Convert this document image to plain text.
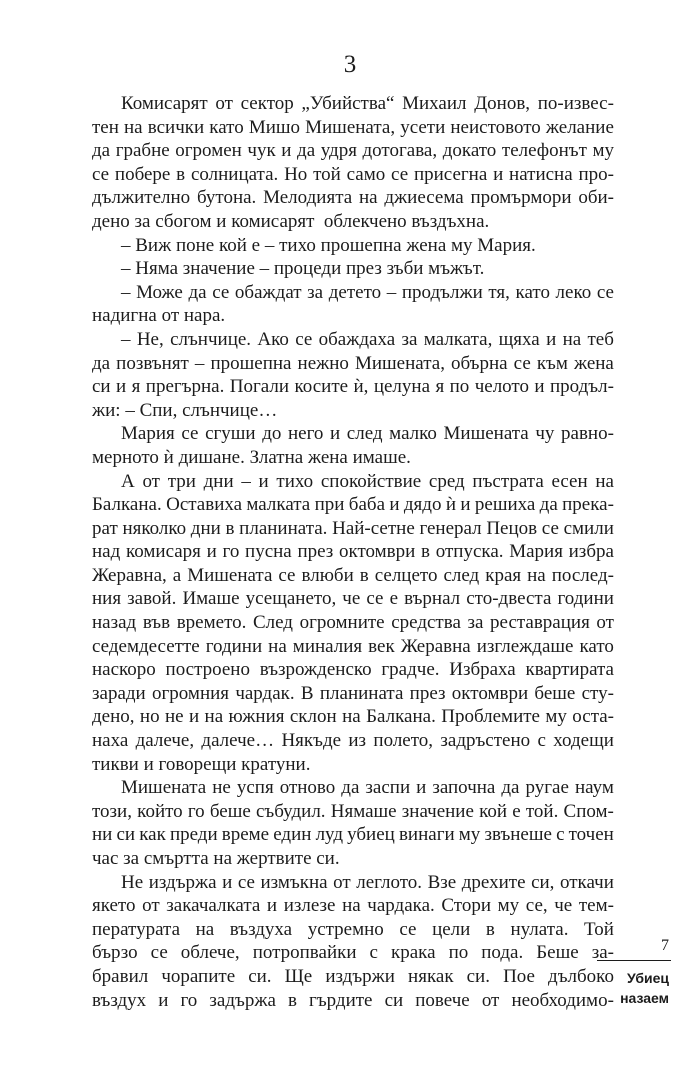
3
Комисарят от сектор „Убийства“ Михаил Донов, по-извес-
тен на всички като Мишо Мишената, усети неистовото желание
да грабне огромен чук и да удря дотогава, докато телефонът му
се побере в солницата. Но той само се присегна и натисна про-
дължително бутона. Мелодията на джиесема промърмори оби-
дено за сбогом и комисарят  облекчено въздъхна.
– Виж поне кой е – тихо прошепна жена му Мария.
– Няма значение – процеди през зъби мъжът.
– Може да се обаждат за детето – продължи тя, като леко се
надигна от нара.
– Не, слънчице. Ако се обаждаха за малката, щяха и на теб
да позвънят – прошепна нежно Мишената, обърна се към жена
си и я прегърна. Погали косите ѝ, целуна я по челото и продъл-
жи: – Спи, слънчице…
Мария се сгуши до него и след малко Мишената чу равно-
мерното ѝ дишане. Златна жена имаше.
А от три дни – и тихо спокойствие сред пъстрата есен на
Балкана. Оставиха малката при баба и дядо ѝ и решиха да прека-
рат няколко дни в планината. Най-сетне генерал Пецов се смили
над комисаря и го пусна през октомври в отпуска. Мария избра
Жеравна, а Мишената се влюби в селцето след края на послед-
ния завой. Имаше усещането, че се е върнал сто-двеста години
назад във времето. След огромните средства за реставрация от
седемдесетте години на миналия век Жеравна изглеждаше като
наскоро построено възрожденско градче. Избраха квартирата
заради огромния чардак. В планината през октомври беше сту-
дено, но не и на южния склон на Балкана. Проблемите му оста-
наха далече, далече… Някъде из полето, задръстено с ходещи
тикви и говорещи кратуни.
Мишената не успя отново да заспи и започна да ругае наум
този, който го беше събудил. Нямаше значение кой е той. Спом-
ни си как преди време един луд убиец винаги му звънеше с точен
час за смъртта на жертвите си.
Не издържа и се измъкна от леглото. Взе дрехите си, откачи
якето от закачалката и излезе на чардака. Стори му се, че тем-
пературата на въздуха устремно се цели в нулата. Той
бързо се облече, потропвайки с крака по пода. Беше за-
бравил чорапите си. Ще издържи някак си. Пое дълбоко
въздух и го задържа в гърдите си повече от необходимо-
7
Убиец
назаем
